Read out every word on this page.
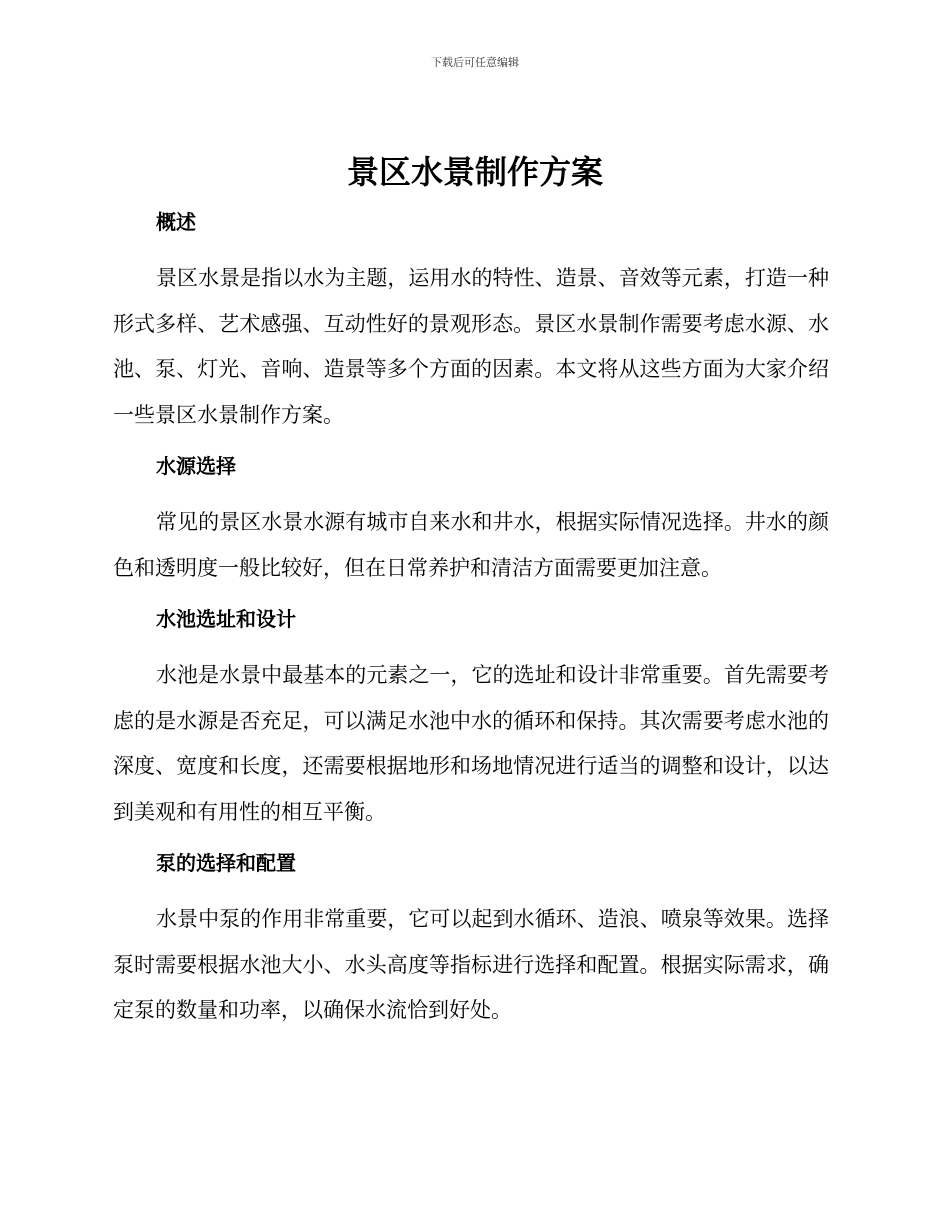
下载后可任意编辑
景区水景制作方案
概述

景区水景是指以水为主题，运用水的特性、造景、音效等元素，打造一种形式多样、艺术感强、互动性好的景观形态。景区水景制作需要考虑水源、水池、泵、灯光、音响、造景等多个方面的因素。本文将从这些方面为大家介绍一些景区水景制作方案。

水源选择

常见的景区水景水源有城市自来水和井水，根据实际情况选择。井水的颜色和透明度一般比较好，但在日常养护和清洁方面需要更加注意。

水池选址和设计

水池是水景中最基本的元素之一，它的选址和设计非常重要。首先需要考虑的是水源是否充足，可以满足水池中水的循环和保持。其次需要考虑水池的深度、宽度和长度，还需要根据地形和场地情况进行适当的调整和设计，以达到美观和有用性的相互平衡。

泵的选择和配置

水景中泵的作用非常重要，它可以起到水循环、造浪、喷泉等效果。选择泵时需要根据水池大小、水头高度等指标进行选择和配置。根据实际需求，确定泵的数量和功率，以确保水流恰到好处。
